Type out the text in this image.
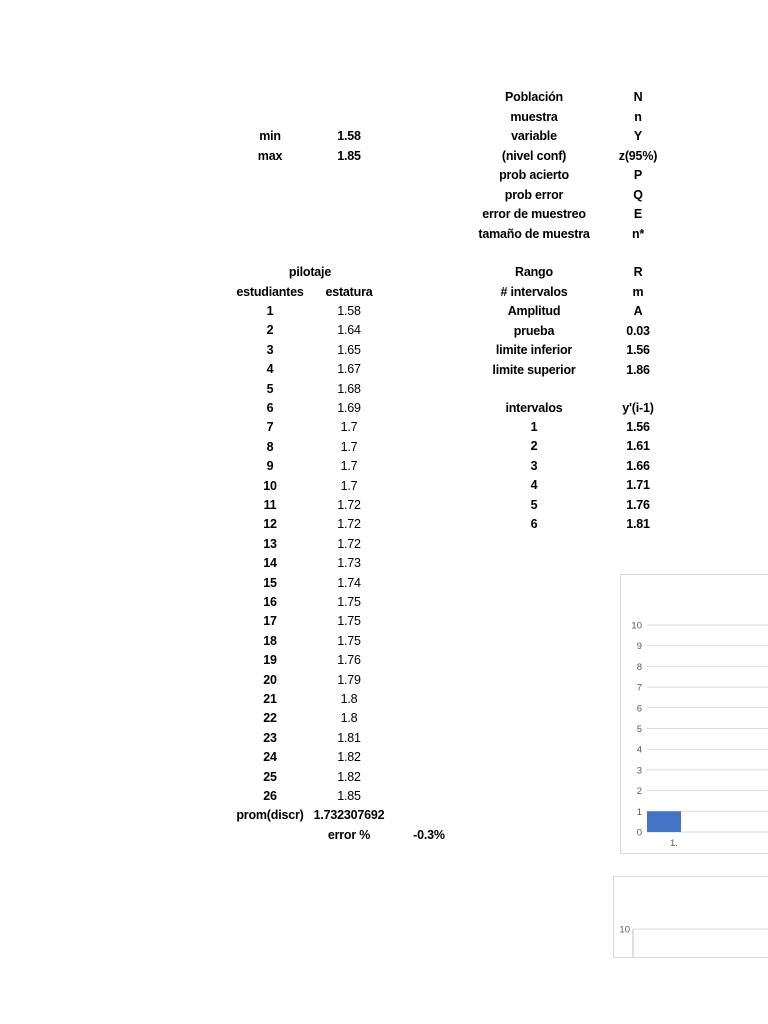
min	1.58
max	1.85
Población	N
muestra	n
variable	Y
(nivel conf)	z(95%)
prob acierto	P
prob error	Q
error de muestreo	E
tamaño de muestra	n*
Rango	R
# intervalos	m
Amplitud	A
prueba	0.03
limite inferior	1.56
limite superior	1.86
intervalos	y'(i-1)
1	1.56
2	1.61
3	1.66
4	1.71
5	1.76
6	1.81
pilotaje
estudiantes	estatura
1	1.58
2	1.64
3	1.65
4	1.67
5	1.68
6	1.69
7	1.7
8	1.7
9	1.7
10	1.7
11	1.72
12	1.72
13	1.72
14	1.73
15	1.74
16	1.75
17	1.75
18	1.75
19	1.76
20	1.79
21	1.8
22	1.8
23	1.81
24	1.82
25	1.82
26	1.85
prom(discr) 1.732307692
error %	-0.3%	0
1
2
3
4
5
6
7
8
9
10
1.
10
